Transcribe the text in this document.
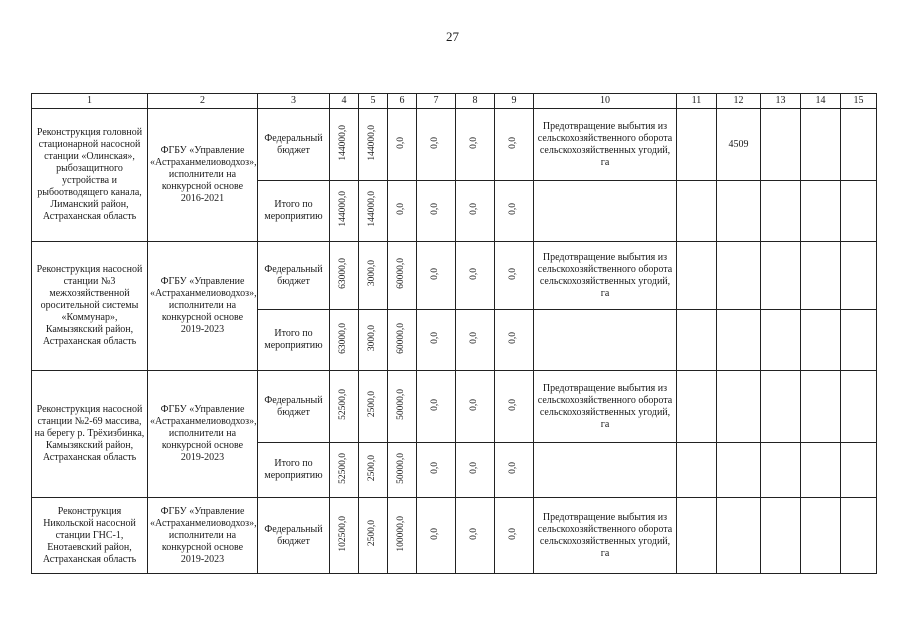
27
1	2	3	4	5	6	7	8	9	10	11	12	13	14	15
Реконструкция головной стационарной насосной станции «Олинская», рыбозащитного устройства и рыбоотводящего канала, Лиманский район, Астраханская область	ФГБУ «Управление «Астраханмелиоводхоз», исполнители на конкурсной основе 2016-2021	Федеральный бюджет	144000,0	144000,0	0,0	0,0	0,0	0,0	Предотвращение выбытия из сельскохозяйственного оборота сельскохозяйственных угодий, га		4509			
		Итого по мероприятию	144000,0	144000,0	0,0	0,0	0,0	0,0						
Реконструкция насосной станции №3 межхозяйственной оросительной системы «Коммунар», Камызякский район, Астраханская область	ФГБУ «Управление «Астраханмелиоводхоз», исполнители на конкурсной основе 2019-2023	Федеральный бюджет	63000,0	3000,0	60000,0	0,0	0,0	0,0	Предотвращение выбытия из сельскохозяйственного оборота сельскохозяйственных угодий, га					
		Итого по мероприятию	63000,0	3000,0	60000,0	0,0	0,0	0,0						
Реконструкция насосной станции №2-69 массива, на берегу р. Трёхизбинка, Камызякский район, Астраханская область	ФГБУ «Управление «Астраханмелиоводхоз», исполнители на конкурсной основе 2019-2023	Федеральный бюджет	52500,0	2500,0	50000,0	0,0	0,0	0,0	Предотвращение выбытия из сельскохозяйственного оборота сельскохозяйственных угодий, га					
		Итого по мероприятию	52500,0	2500,0	50000,0	0,0	0,0	0,0						
Реконструкция Никольской насосной станции ГНС-1, Енотаевский район, Астраханская область	ФГБУ «Управление «Астраханмелиоводхоз», исполнители на конкурсной основе 2019-2023	Федеральный бюджет	102500,0	2500,0	100000,0	0,0	0,0	0,0	Предотвращение выбытия из сельскохозяйственного оборота сельскохозяйственных угодий, га					
